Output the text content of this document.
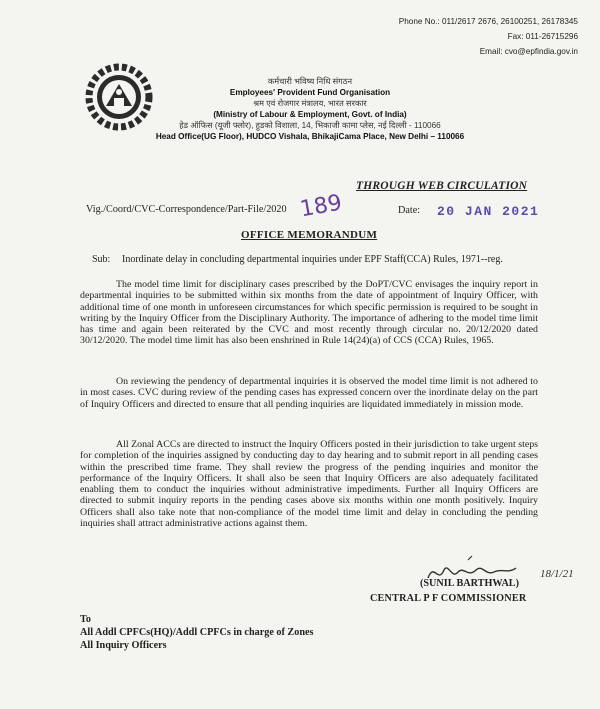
Phone No.: 011/2617 2676, 26100251, 26178345
Fax: 011-26715296
Email: cvo@epfindia.gov.in
कर्मचारी भविष्य निधि संगठन
Employees' Provident Fund Organisation
श्रम एवं रोजगार मंत्रालय, भारत सरकार
(Ministry of Labour & Employment, Govt. of India)
हेड ऑफिस (यूजी फ्लोर), हुडको विशाला, 14, भिकाजी कामा प्लेस, नई दिल्ली - 110066
Head Office(UG Floor), HUDCO Vishala, BhikajiCama Place, New Delhi – 110066
THROUGH WEB CIRCULATION
Vig./Coord/CVC-Correspondence/Part-File/2020 189	Date: 20 JAN 2021
OFFICE MEMORANDUM
Sub: Inordinate delay in concluding departmental inquiries under EPF Staff(CCA) Rules, 1971--reg.
The model time limit for disciplinary cases prescribed by the DoPT/CVC envisages the inquiry report in departmental inquiries to be submitted within six months from the date of appointment of Inquiry Officer, with additional time of one month in unforeseen circumstances for which specific permission is required to be sought in writing by the Inquiry Officer from the Disciplinary Authority. The importance of adhering to the model time limit has time and again been reiterated by the CVC and most recently through circular no. 20/12/2020 dated 30/12/2020. The model time limit has also been enshrined in Rule 14(24)(a) of CCS (CCA) Rules, 1965.
On reviewing the pendency of departmental inquiries it is observed the model time limit is not adhered to in most cases. CVC during review of the pending cases has expressed concern over the inordinate delay on the part of Inquiry Officers and directed to ensure that all pending inquiries are liquidated immediately in mission mode.
All Zonal ACCs are directed to instruct the Inquiry Officers posted in their jurisdiction to take urgent steps for completion of the inquiries assigned by conducting day to day hearing and to submit report in all pending cases within the prescribed time frame. They shall review the progress of the pending inquiries and monitor the performance of the Inquiry Officers. It shall also be seen that Inquiry Officers are also adequately facilitated enabling them to conduct the inquiries without administrative impediments. Further all Inquiry Officers are directed to submit inquiry reports in the pending cases above six months within one month positively. Inquiry Officers shall also take note that non-compliance of the model time limit and delay in concluding the pending inquiries shall attract administrative actions against them.
18/1/21
(SUNIL BARTHWAL)
CENTRAL P F COMMISSIONER
To
All Addl CPFCs(HQ)/Addl CPFCs in charge of Zones
All Inquiry Officers
